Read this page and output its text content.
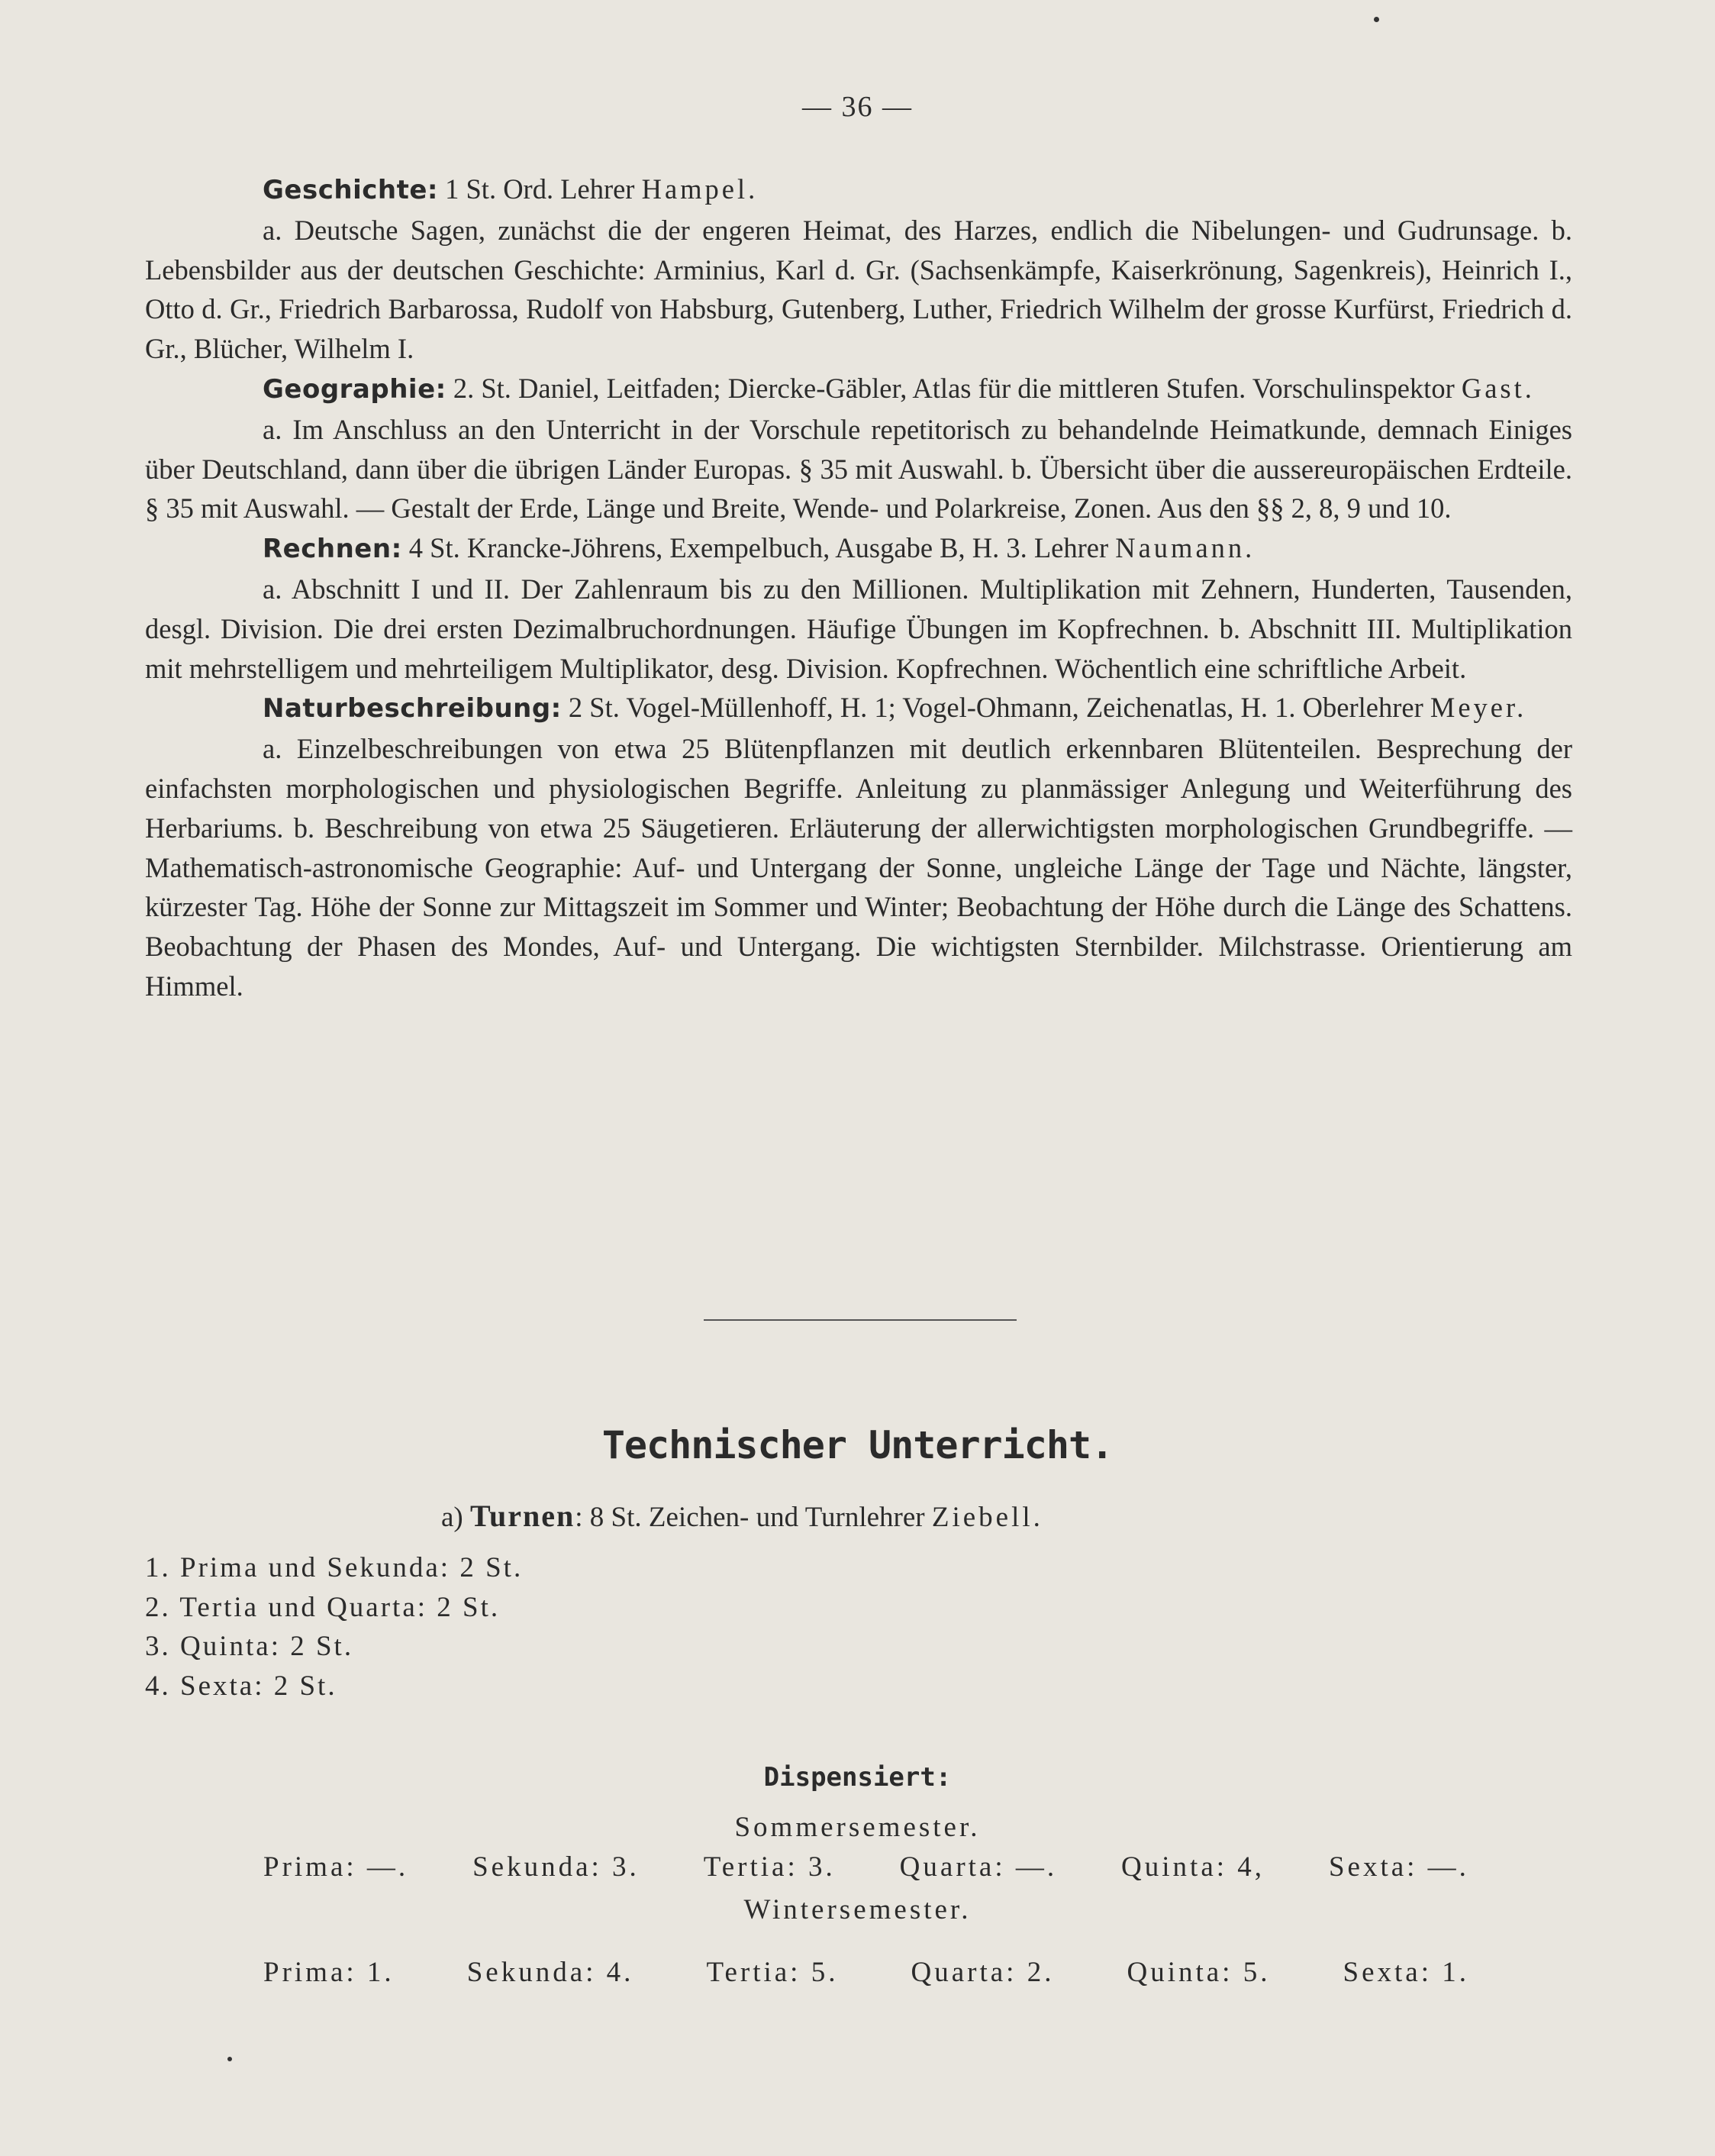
— 36 —

Geschichte: 1 St. Ord. Lehrer Hampel.

a. Deutsche Sagen, zunächst die der engeren Heimat, des Harzes, endlich die Nibelungen- und Gudrunsage. b. Lebensbilder aus der deutschen Geschichte: Arminius, Karl d. Gr. (Sachsenkämpfe, Kaiserkrönung, Sagenkreis), Heinrich I., Otto d. Gr., Friedrich Barbarossa, Rudolf von Habsburg, Gutenberg, Luther, Friedrich Wilhelm der grosse Kurfürst, Friedrich d. Gr., Blücher, Wilhelm I.

Geographie: 2. St. Daniel, Leitfaden; Diercke-Gäbler, Atlas für die mittleren Stufen. Vorschulinspektor Gast.

a. Im Anschluss an den Unterricht in der Vorschule repetitorisch zu behandelnde Heimatkunde, demnach Einiges über Deutschland, dann über die übrigen Länder Europas. § 35 mit Auswahl. b. Übersicht über die aussereuropäischen Erdteile. § 35 mit Auswahl. — Gestalt der Erde, Länge und Breite, Wende- und Polarkreise, Zonen. Aus den §§ 2, 8, 9 und 10.

Rechnen: 4 St. Krancke-Jöhrens, Exempelbuch, Ausgabe B, H. 3. Lehrer Naumann.

a. Abschnitt I und II. Der Zahlenraum bis zu den Millionen. Multiplikation mit Zehnern, Hunderten, Tausenden, desgl. Division. Die drei ersten Dezimalbruchordnungen. Häufige Übungen im Kopfrechnen. b. Abschnitt III. Multiplikation mit mehrstelligem und mehrteiligem Multiplikator, desg. Division. Kopfrechnen. Wöchentlich eine schriftliche Arbeit.

Naturbeschreibung: 2 St. Vogel-Müllenhoff, H. 1; Vogel-Ohmann, Zeichenatlas, H. 1. Oberlehrer Meyer.

a. Einzelbeschreibungen von etwa 25 Blütenpflanzen mit deutlich erkennbaren Blütenteilen. Besprechung der einfachsten morphologischen und physiologischen Begriffe. Anleitung zu planmässiger Anlegung und Weiterführung des Herbariums. b. Beschreibung von etwa 25 Säugetieren. Erläuterung der allerwichtigsten morphologischen Grundbegriffe. — Mathematisch-astronomische Geographie: Auf- und Untergang der Sonne, ungleiche Länge der Tage und Nächte, längster, kürzester Tag. Höhe der Sonne zur Mittagszeit im Sommer und Winter; Beobachtung der Höhe durch die Länge des Schattens. Beobachtung der Phasen des Mondes, Auf- und Untergang. Die wichtigsten Sternbilder. Milchstrasse. Orientierung am Himmel.

Technischer Unterricht.
a) Turnen: 8 St. Zeichen- und Turnlehrer Ziebell.
1. Prima und Sekunda: 2 St.
2. Tertia und Quarta: 2 St.
3. Quinta: 2 St.
4. Sexta: 2 St.
Dispensiert:
Sommersemester.
Prima: —. Sekunda: 3. Tertia: 3. Quarta: —. Quinta: 4, Sexta: —.
Wintersemester.
Prima: 1.	Sekunda: 4.	Tertia: 5.	Quarta: 2.	Quinta: 5.	Sexta: 1.
